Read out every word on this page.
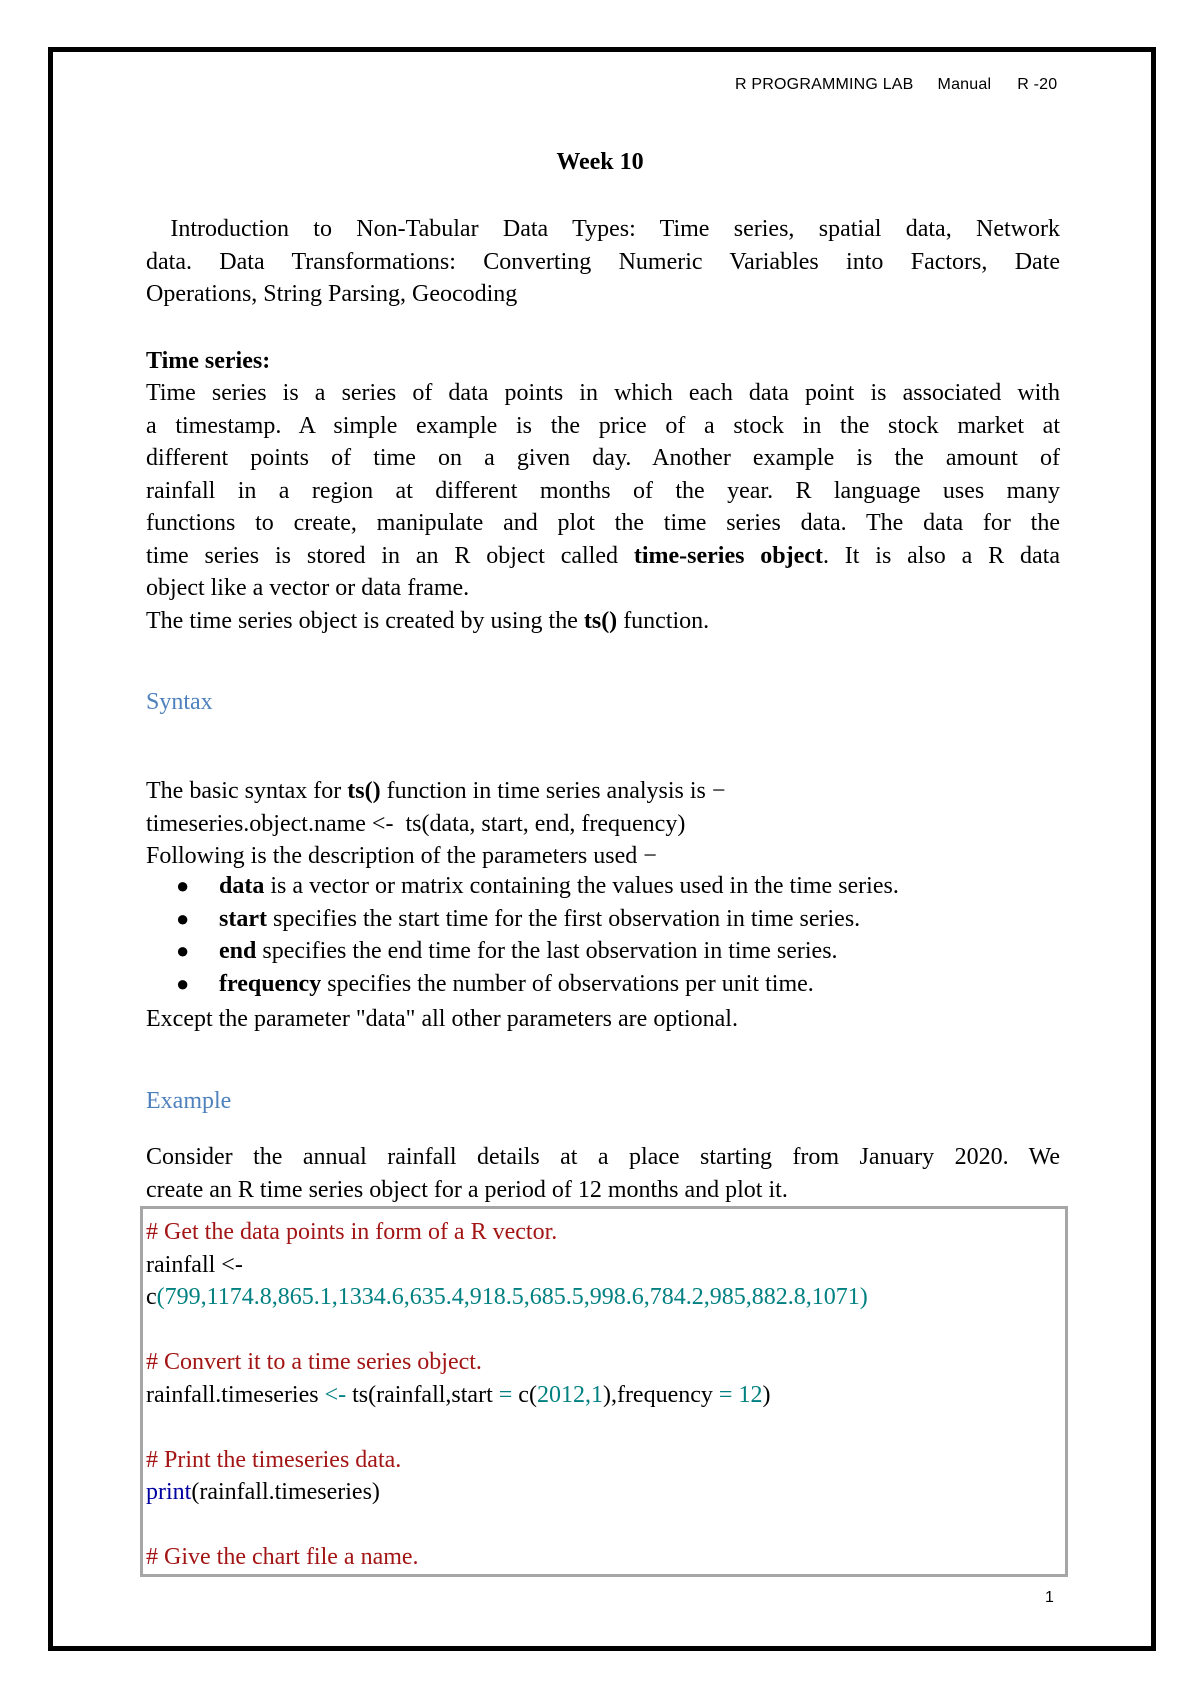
R PROGRAMMING LAB Manual R -20
Week 10
Introduction to Non-Tabular Data Types: Time series, spatial data, Network
data. Data Transformations: Converting Numeric Variables into Factors, Date
Operations, String Parsing, Geocoding
Time series:
Time series is a series of data points in which each data point is associated with
a timestamp. A simple example is the price of a stock in the stock market at
different points of time on a given day. Another example is the amount of
rainfall in a region at different months of the year. R language uses many
functions to create, manipulate and plot the time series data. The data for the
time series is stored in an R object called time-series object. It is also a R data
object like a vector or data frame.
The time series object is created by using the ts() function.
Syntax
The basic syntax for ts() function in time series analysis is −
timeseries.object.name <-  ts(data, start, end, frequency)
Following is the description of the parameters used −
● data is a vector or matrix containing the values used in the time series.
● start specifies the start time for the first observation in time series.
● end specifies the end time for the last observation in time series.
● frequency specifies the number of observations per unit time.
Except the parameter "data" all other parameters are optional.
Example
Consider the annual rainfall details at a place starting from January 2020. We
create an R time series object for a period of 12 months and plot it.
# Get the data points in form of a R vector.
rainfall <-
c(799,1174.8,865.1,1334.6,635.4,918.5,685.5,998.6,784.2,985,882.8,1071)

# Convert it to a time series object.
rainfall.timeseries <- ts(rainfall,start = c(2012,1),frequency = 12)

# Print the timeseries data.
print(rainfall.timeseries)

# Give the chart file a name.
1
